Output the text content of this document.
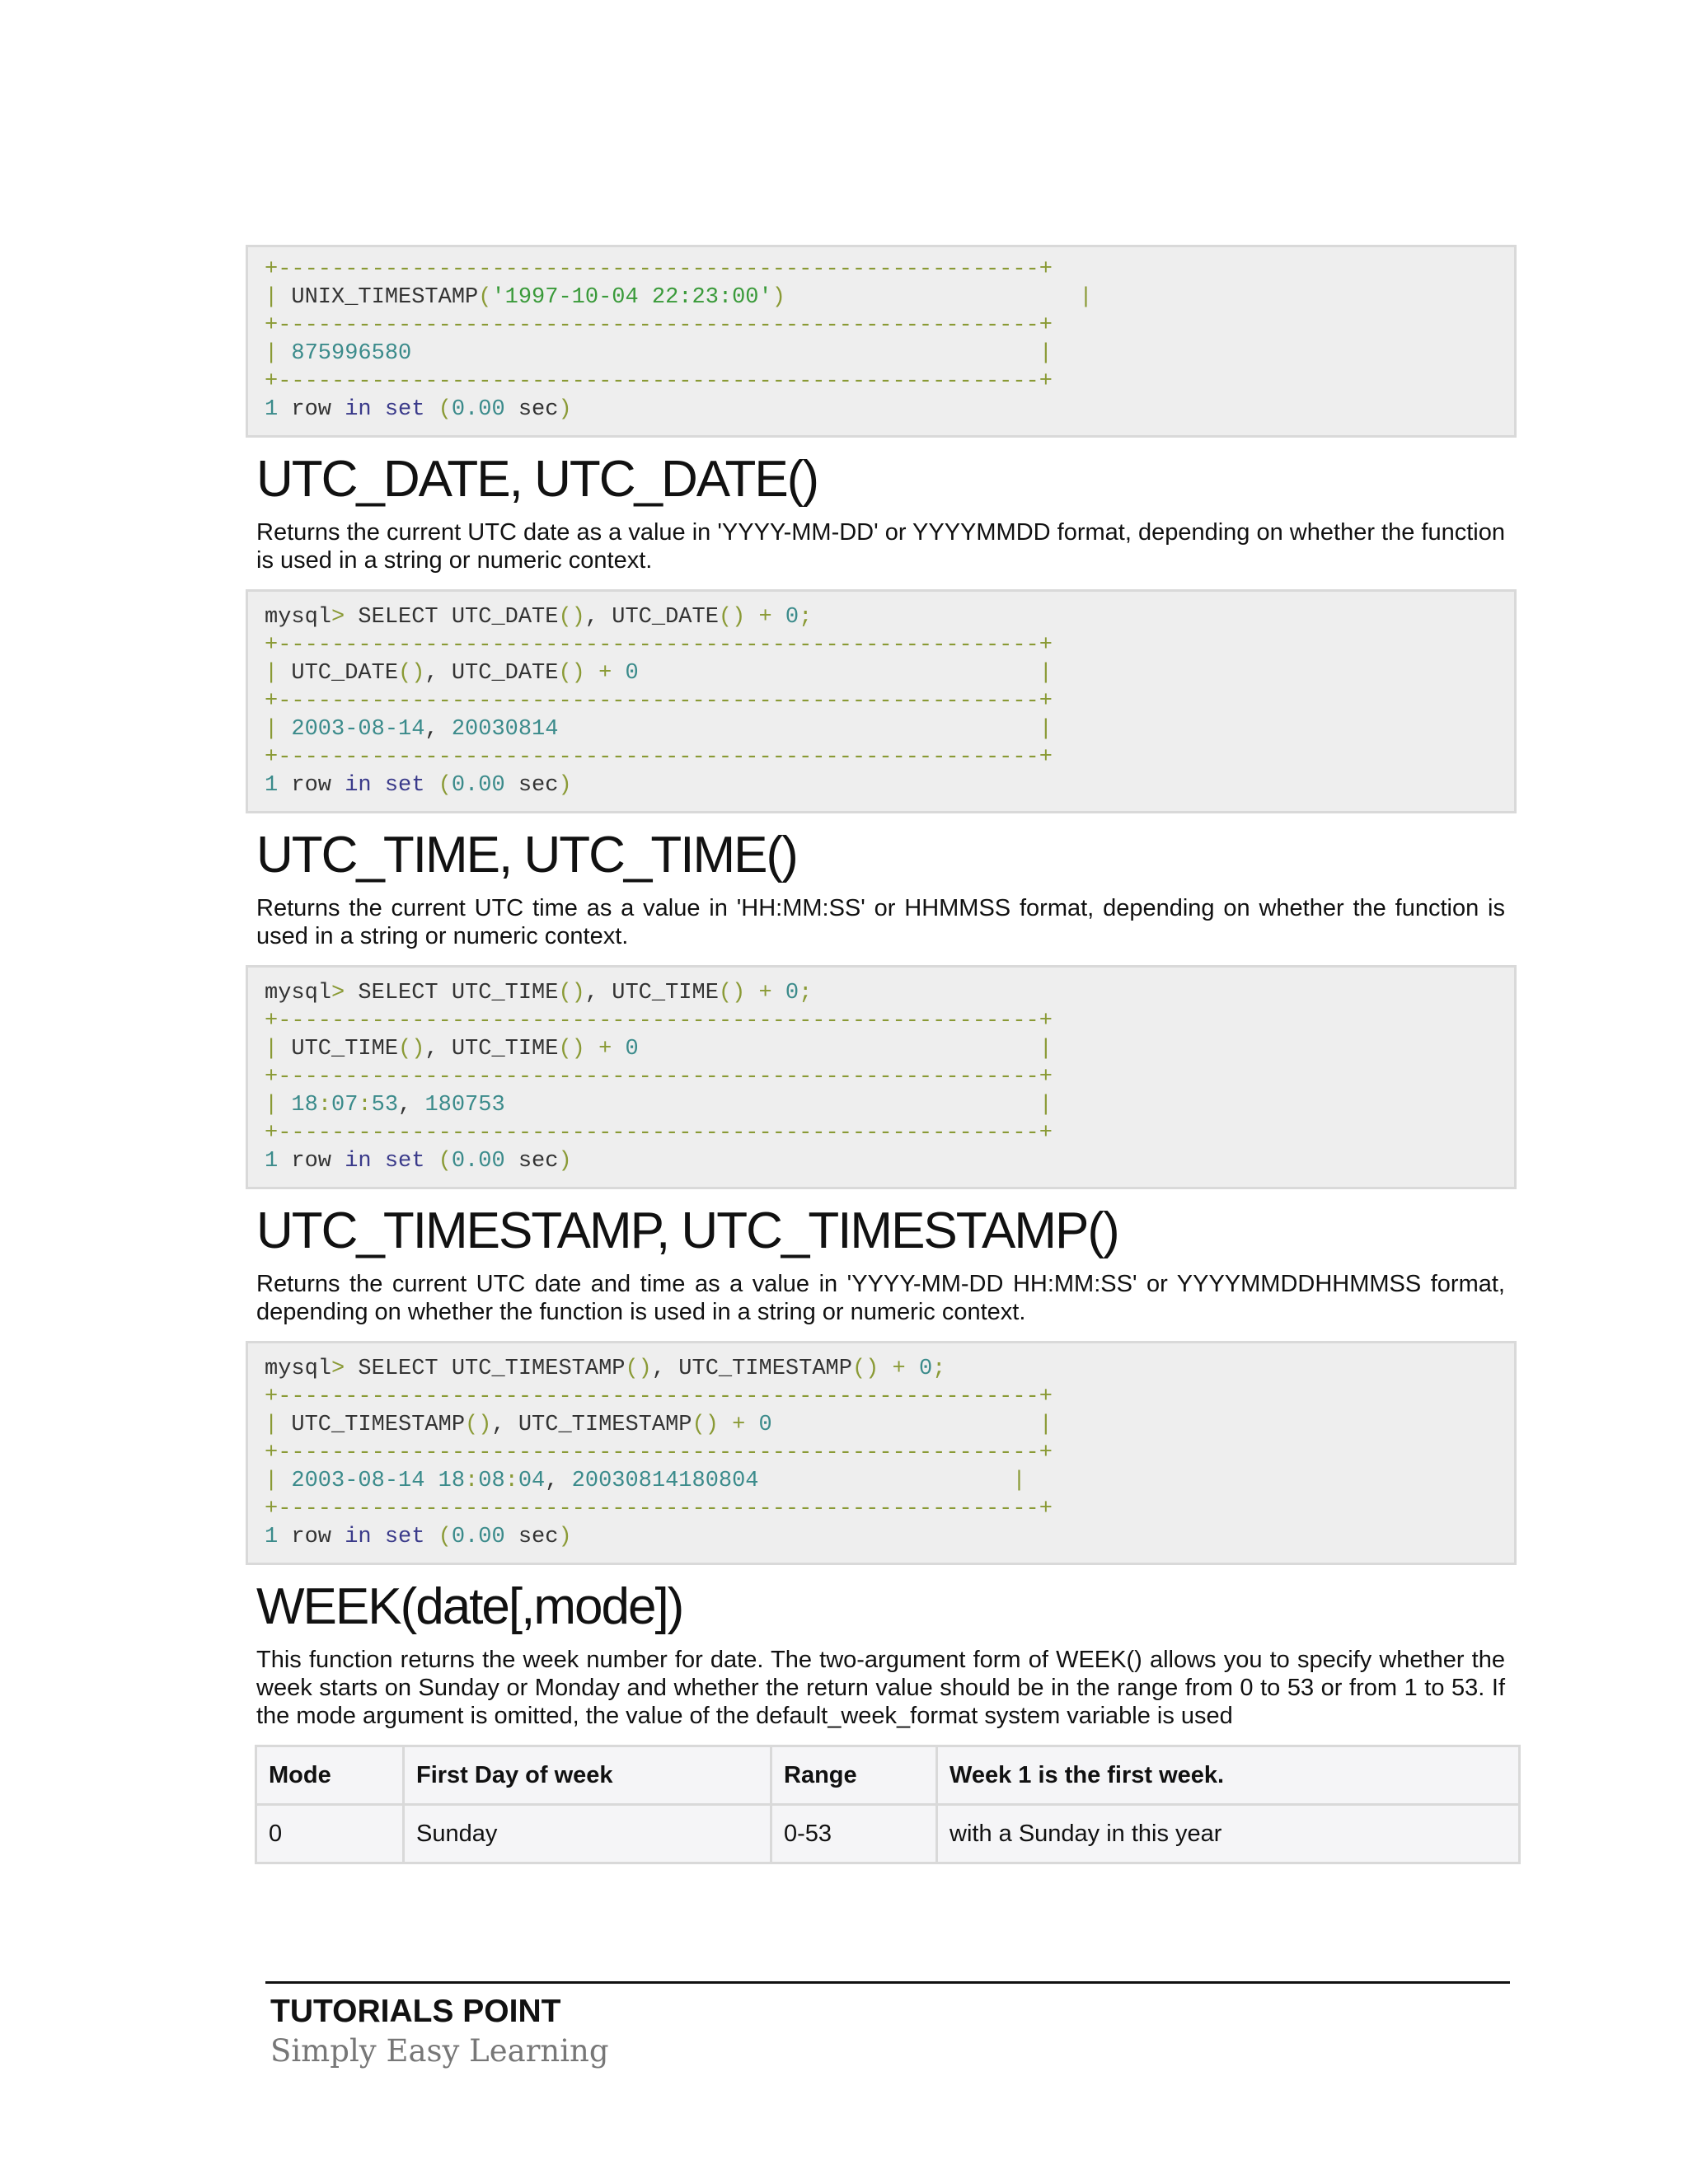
+---------------------------------------------------------+
| UNIX_TIMESTAMP('1997-10-04 22:23:00')	|
+---------------------------------------------------------+
| 875996580	|
+---------------------------------------------------------+
1 row in set (0.00 sec)
UTC_DATE, UTC_DATE()

Returns the current UTC date as a value in 'YYYY-MM-DD' or YYYYMMDD format, depending on whether the function is used in a string or numeric context.

mysql> SELECT UTC_DATE(), UTC_DATE() + 0;
+---------------------------------------------------------+
| UTC_DATE(), UTC_DATE() + 0	|
+---------------------------------------------------------+
| 2003-08-14, 20030814	|
+---------------------------------------------------------+
1 row in set (0.00 sec)
UTC_TIME, UTC_TIME()

Returns the current UTC time as a value in 'HH:MM:SS' or HHMMSS format, depending on whether the function is used in a string or numeric context.

mysql> SELECT UTC_TIME(), UTC_TIME() + 0;
+---------------------------------------------------------+
| UTC_TIME(), UTC_TIME() + 0	|
+---------------------------------------------------------+
| 18:07:53, 180753	|
+---------------------------------------------------------+
1 row in set (0.00 sec)
UTC_TIMESTAMP, UTC_TIMESTAMP()

Returns the current UTC date and time as a value in 'YYYY-MM-DD HH:MM:SS' or YYYYMMDDHHMMSS format, depending on whether the function is used in a string or numeric context.

mysql> SELECT UTC_TIMESTAMP(), UTC_TIMESTAMP() + 0;
+---------------------------------------------------------+
| UTC_TIMESTAMP(), UTC_TIMESTAMP() + 0	|
+---------------------------------------------------------+
| 2003-08-14 18:08:04, 20030814180804	|
+---------------------------------------------------------+
1 row in set (0.00 sec)
WEEK(date[,mode])

This function returns the week number for date. The two-argument form of WEEK() allows you to specify whether the week starts on Sunday or Monday and whether the return value should be in the range from 0 to 53 or from 1 to 53. If the mode argument is omitted, the value of the default_week_format system variable is used

Mode	First Day of week	Range	Week 1 is the first week.
0	Sunday	0-53	with a Sunday in this year
TUTORIALS POINT
Simply Easy Learning
